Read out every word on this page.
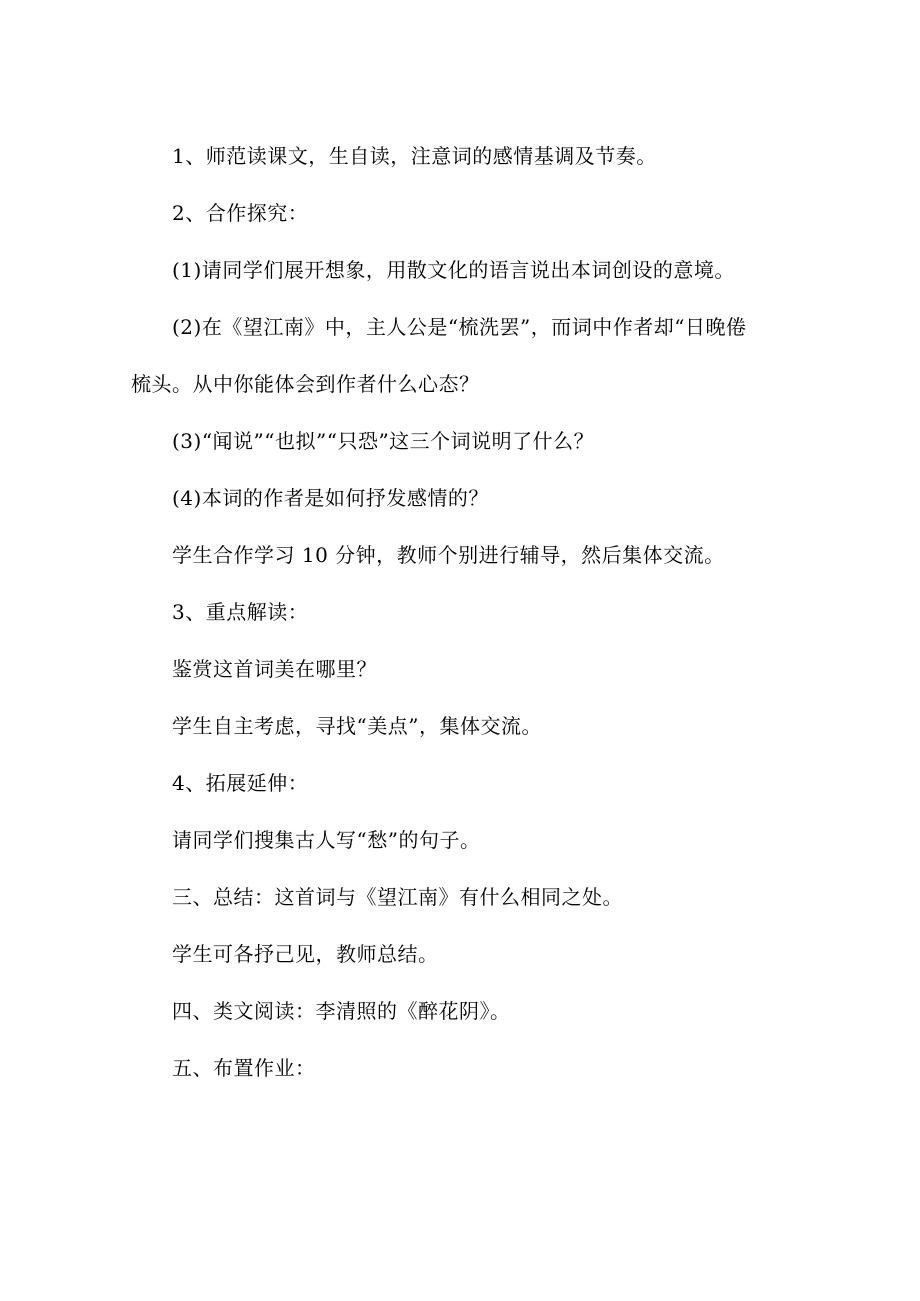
1、师范读课文，生自读，注意词的感情基调及节奏。
2、合作探究：
(1)请同学们展开想象，用散文化的语言说出本词创设的意境。
(2)在《望江南》中，主人公是“梳洗罢”，而词中作者却“日晚倦
梳头。从中你能体会到作者什么心态？
(3)“闻说”“也拟”“只恐”这三个词说明了什么？
(4)本词的作者是如何抒发感情的？
学生合作学习 10 分钟，教师个别进行辅导，然后集体交流。
3、重点解读：
鉴赏这首词美在哪里？
学生自主考虑，寻找“美点”，集体交流。
4、拓展延伸：
请同学们搜集古人写“愁”的句子。
三、总结：这首词与《望江南》有什么相同之处。
学生可各抒己见，教师总结。
四、类文阅读：李清照的《醉花阴》。
五、布置作业：
